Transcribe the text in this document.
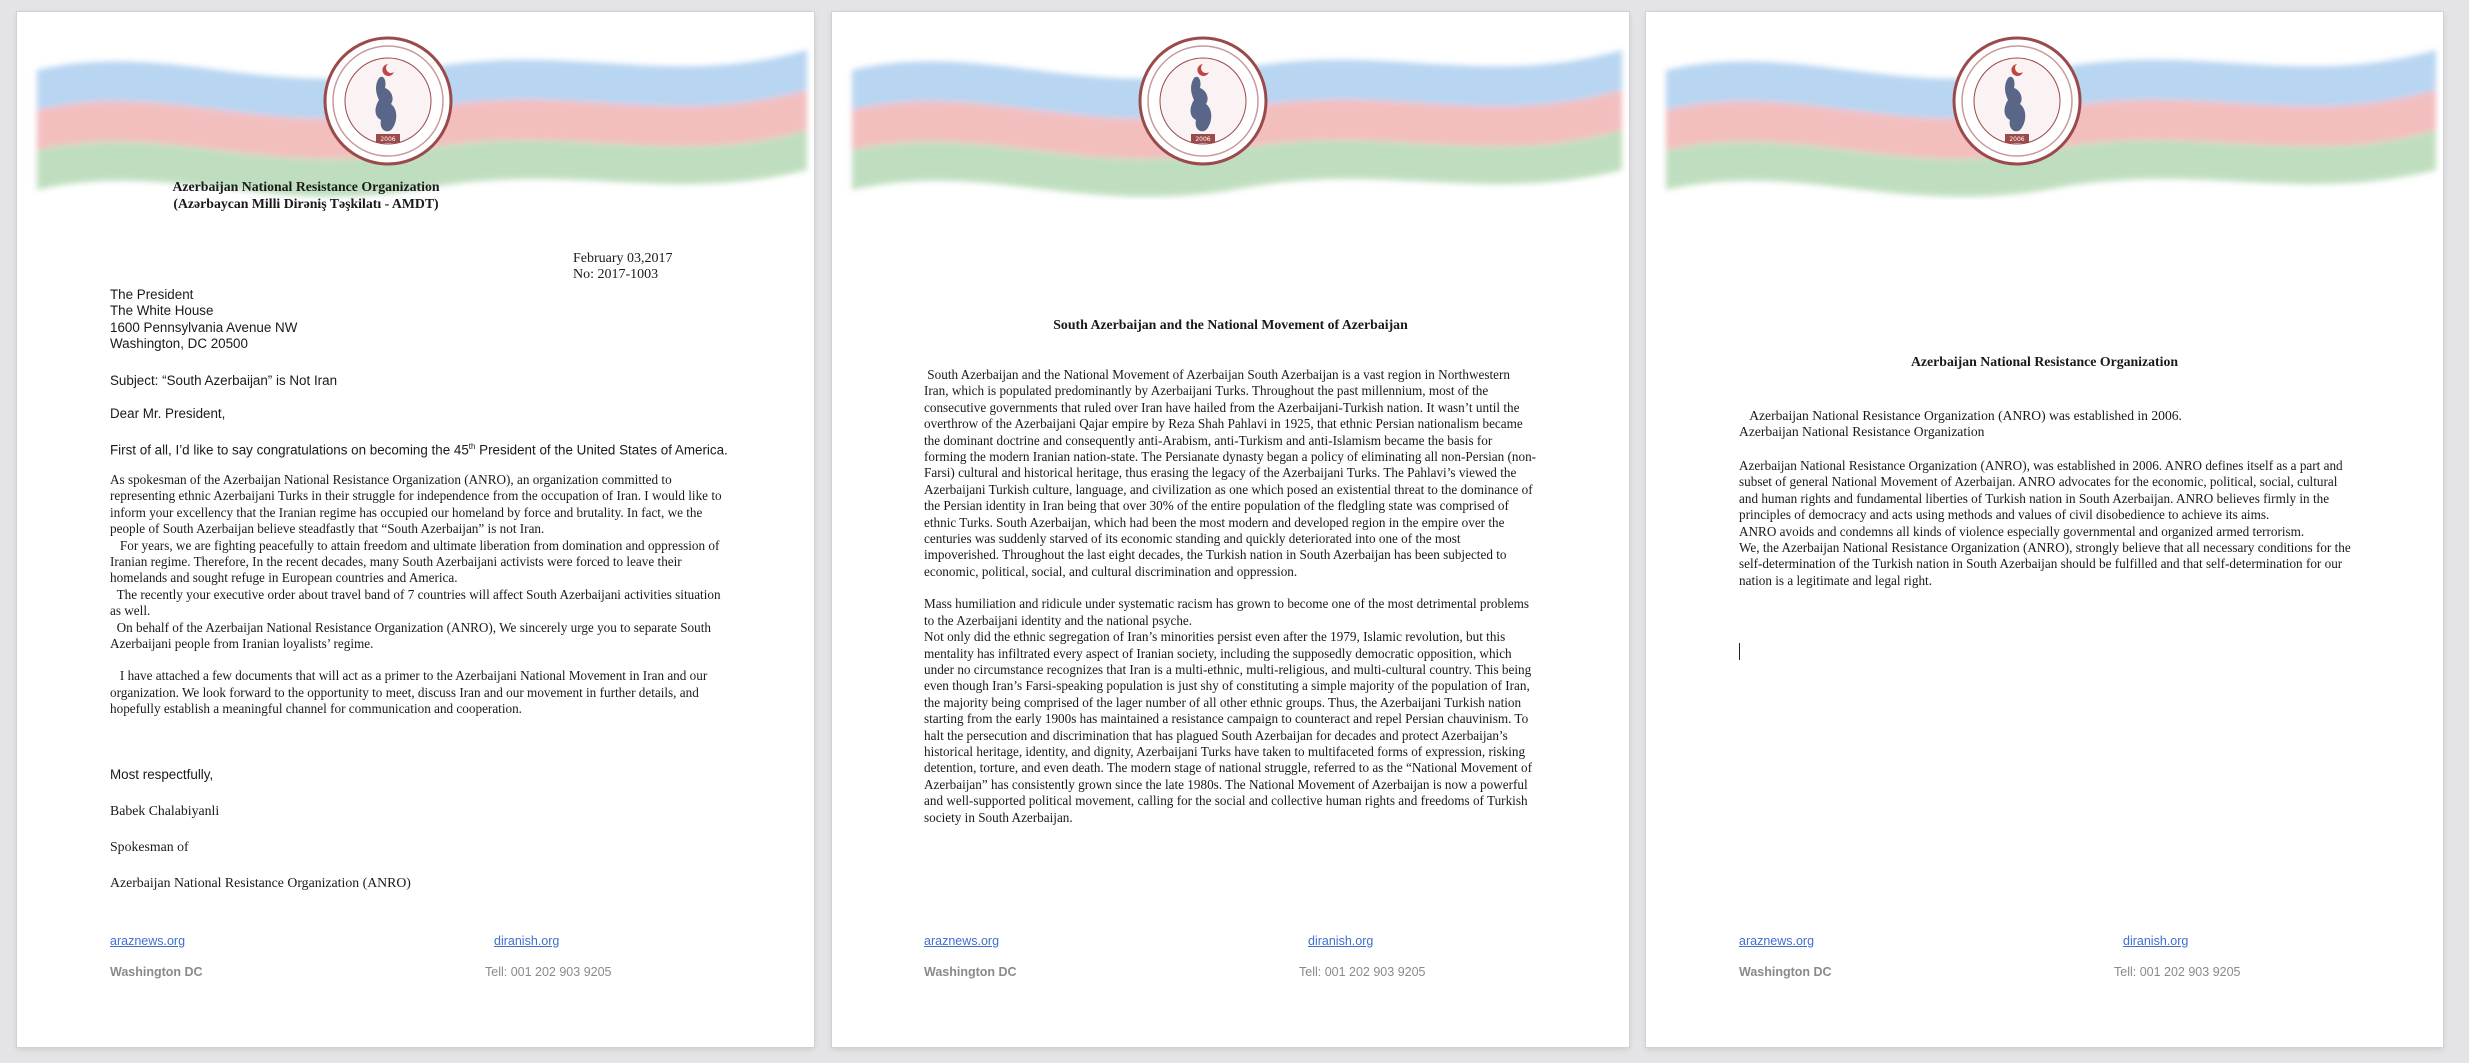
2006
Azerbaijan National Resistance Organization
(Azərbaycan Milli Dirəniş Təşkilatı - AMDT)
February 03,2017
No: 2017-1003
The President
The White House
1600 Pennsylvania Avenue NW
Washington, DC 20500
Subject: “South Azerbaijan” is Not Iran
Dear Mr. President,
First of all, I’d like to say congratulations on becoming the 45th President of the United States of America.

As spokesman of the Azerbaijan National Resistance Organization (ANRO), an organization committed to representing ethnic Azerbaijani Turks in their struggle for independence from the occupation of Iran. I would like to inform your excellency that the Iranian regime has occupied our homeland by force and brutality. In fact, we the people of South Azerbaijan believe steadfastly that “South Azerbaijan” is not Iran.

For years, we are fighting peacefully to attain freedom and ultimate liberation from domination and oppression of Iranian regime. Therefore, In the recent decades, many South Azerbaijani activists were forced to leave their homelands and sought refuge in European countries and America.

The recently your executive order about travel band of 7 countries will affect South Azerbaijani activities situation as well.

On behalf of the Azerbaijan National Resistance Organization (ANRO), We sincerely urge you to separate South Azerbaijani people from Iranian loyalists’ regime.

I have attached a few documents that will act as a primer to the Azerbaijani National Movement in Iran and our organization. We look forward to the opportunity to meet, discuss Iran and our movement in further details, and hopefully establish a meaningful channel for communication and cooperation.

Most respectfully,
Babek Chalabiyanli
Spokesman of
Azerbaijan National Resistance Organization (ANRO)
araznews.org	diranish.org
Washington DC	Tell: 001 202 903 9205
2006
South Azerbaijan and the National Movement of Azerbaijan

South Azerbaijan and the National Movement of Azerbaijan South Azerbaijan is a vast region in Northwestern Iran, which is populated predominantly by Azerbaijani Turks. Throughout the past millennium, most of the consecutive governments that ruled over Iran have hailed from the Azerbaijani-Turkish nation. It wasn’t until the overthrow of the Azerbaijani Qajar empire by Reza Shah Pahlavi in 1925, that ethnic Persian nationalism became the dominant doctrine and consequently anti-Arabism, anti-Turkism and anti-Islamism became the basis for forming the modern Iranian nation-state. The Persianate dynasty began a policy of eliminating all non-Persian (non-Farsi) cultural and historical heritage, thus erasing the legacy of the Azerbaijani Turks. The Pahlavi’s viewed the Azerbaijani Turkish culture, language, and civilization as one which posed an existential threat to the dominance of the Persian identity in Iran being that over 30% of the entire population of the fledgling state was comprised of ethnic Turks. South Azerbaijan, which had been the most modern and developed region in the empire over the centuries was suddenly starved of its economic standing and quickly deteriorated into one of the most impoverished. Throughout the last eight decades, the Turkish nation in South Azerbaijan has been subjected to economic, political, social, and cultural discrimination and oppression.

Mass humiliation and ridicule under systematic racism has grown to become one of the most detrimental problems to the Azerbaijani identity and the national psyche.

Not only did the ethnic segregation of Iran’s minorities persist even after the 1979, Islamic revolution, but this mentality has infiltrated every aspect of Iranian society, including the supposedly democratic opposition, which under no circumstance recognizes that Iran is a multi-ethnic, multi-religious, and multi-cultural country. This being even though Iran’s Farsi-speaking population is just shy of constituting a simple majority of the population of Iran, the majority being comprised of the lager number of all other ethnic groups. Thus, the Azerbaijani Turkish nation starting from the early 1900s has maintained a resistance campaign to counteract and repel Persian chauvinism. To halt the persecution and discrimination that has plagued South Azerbaijan for decades and protect Azerbaijan’s historical heritage, identity, and dignity, Azerbaijani Turks have taken to multifaceted forms of expression, risking detention, torture, and even death. The modern stage of national struggle, referred to as the “National Movement of Azerbaijan” has consistently grown since the late 1980s. The National Movement of Azerbaijan is now a powerful and well-supported political movement, calling for the social and collective human rights and freedoms of Turkish society in South Azerbaijan.

araznews.org	diranish.org
Washington DC	Tell: 001 202 903 9205
2006
Azerbaijan National Resistance Organization

Azerbaijan National Resistance Organization (ANRO) was established in 2006.

Azerbaijan National Resistance Organization

Azerbaijan National Resistance Organization (ANRO), was established in 2006. ANRO defines itself as a part and subset of general National Movement of Azerbaijan. ANRO advocates for the economic, political, social, cultural and human rights and fundamental liberties of Turkish nation in South Azerbaijan. ANRO believes firmly in the principles of democracy and acts using methods and values of civil disobedience to achieve its aims.

ANRO avoids and condemns all kinds of violence especially governmental and organized armed terrorism.

We, the Azerbaijan National Resistance Organization (ANRO), strongly believe that all necessary conditions for the self-determination of the Turkish nation in South Azerbaijan should be fulfilled and that self-determination for our nation is a legitimate and legal right.

araznews.org	diranish.org
Washington DC	Tell: 001 202 903 9205
